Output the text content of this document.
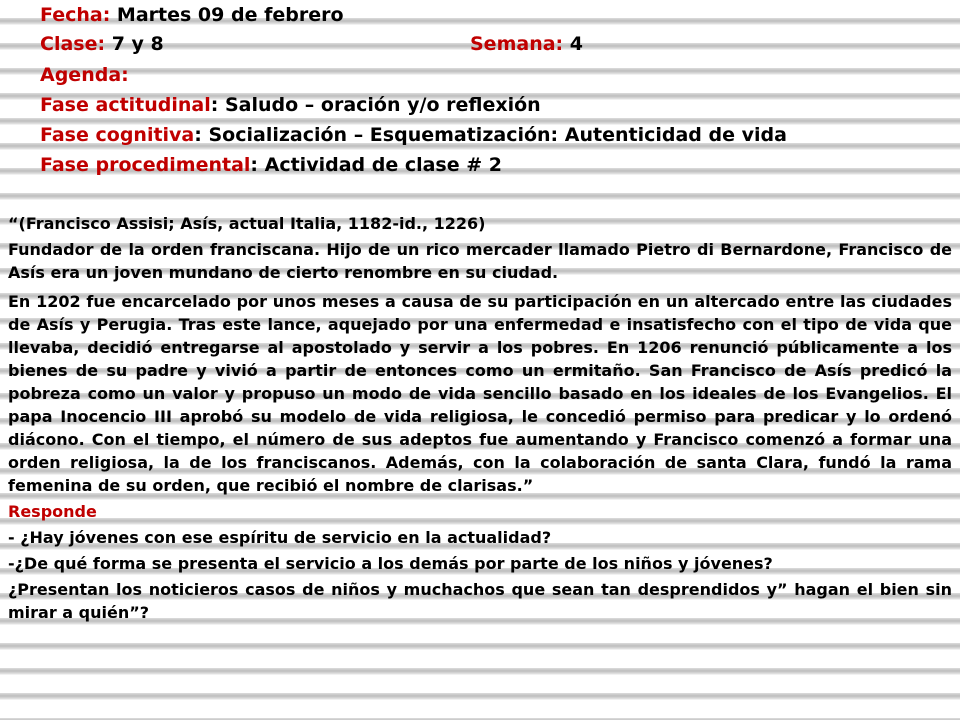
Fecha: Martes 09 de febrero
Clase: 7 y 8	Semana: 4
Agenda:
Fase actitudinal: Saludo – oración y/o reflexión
Fase cognitiva: Socialización – Esquematización: Autenticidad de vida
Fase procedimental: Actividad de clase # 2

“(Francisco Assisi; Asís, actual Italia, 1182-id., 1226)

Fundador de la orden franciscana. Hijo de un rico mercader llamado Pietro di Bernardone, Francisco de Asís era un joven mundano de cierto renombre en su ciudad.

En 1202 fue encarcelado por unos meses a causa de su participación en un altercado entre las ciudades de Asís y Perugia. Tras este lance, aquejado por una enfermedad e insatisfecho con el tipo de vida que llevaba, decidió entregarse al apostolado y servir a los pobres. En 1206 renunció públicamente a los bienes de su padre y vivió a partir de entonces como un ermitaño. San Francisco de Asís predicó la pobreza como un valor y propuso un modo de vida sencillo basado en los ideales de los Evangelios. El papa Inocencio III aprobó su modelo de vida religiosa, le concedió permiso para predicar y lo ordenó diácono. Con el tiempo, el número de sus adeptos fue aumentando y Francisco comenzó a formar una orden religiosa, la de los franciscanos. Además, con la colaboración de santa Clara, fundó la rama femenina de su orden, que recibió el nombre de clarisas.”

Responde

- ¿Hay jóvenes con ese espíritu de servicio en la actualidad?

-¿De qué forma se presenta el servicio a los demás por parte de los niños y jóvenes?

¿Presentan los noticieros casos de niños y muchachos que sean tan desprendidos y” hagan el bien sin mirar a quién”?
